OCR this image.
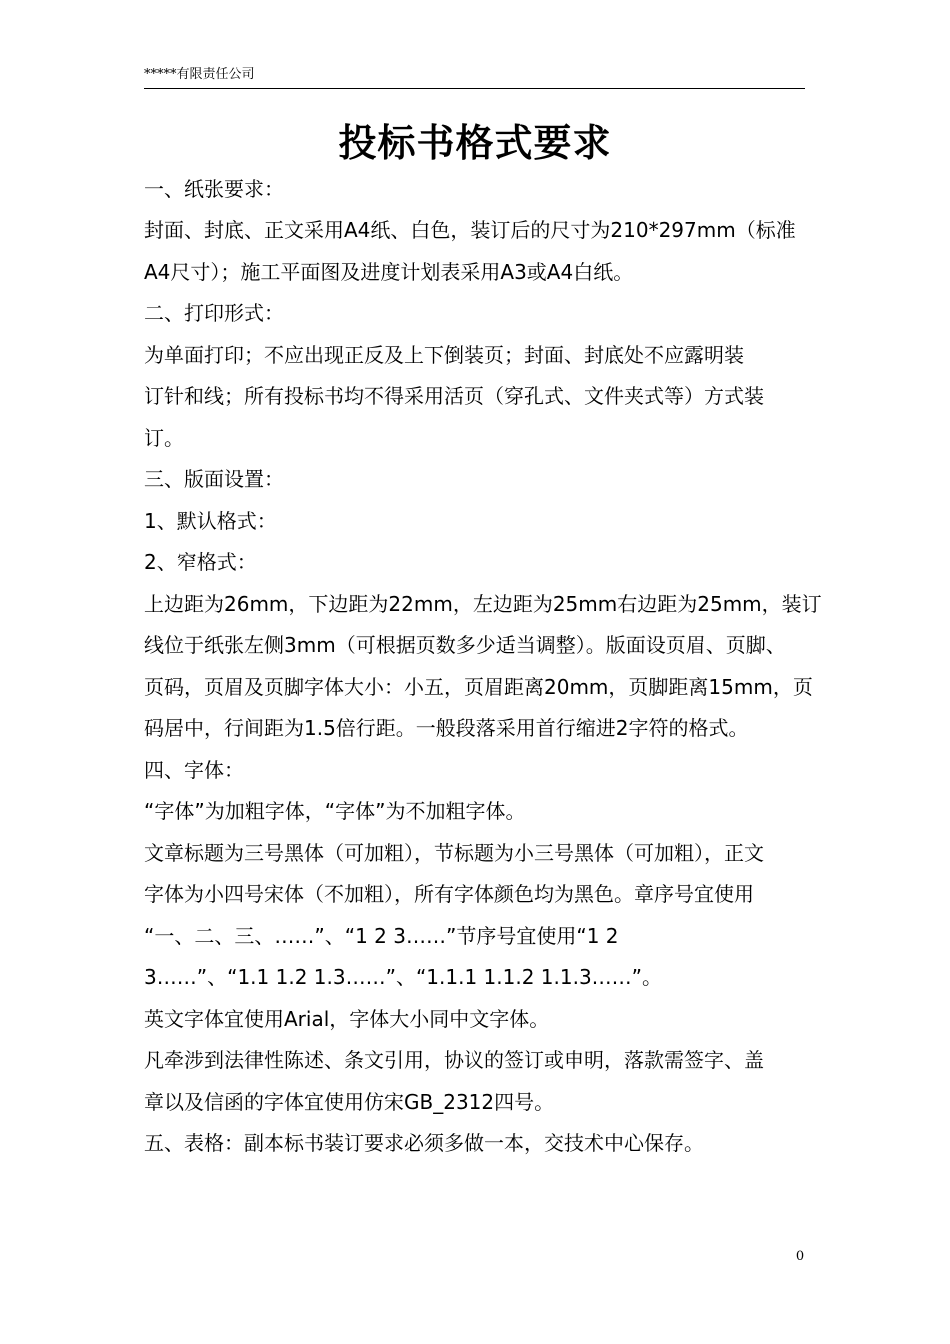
*****有限责任公司
投标书格式要求
一、纸张要求：
封面、封底、正文采用A4纸、白色，装订后的尺寸为210*297mm（标准
A4尺寸）；施工平面图及进度计划表采用A3或A4白纸。
二、打印形式：
为单面打印；不应出现正反及上下倒装页；封面、封底处不应露明装
订针和线；所有投标书均不得采用活页（穿孔式、文件夹式等）方式装
订。
三、版面设置：
1、默认格式：
2、窄格式：
上边距为26mm，下边距为22mm，左边距为25mm右边距为25mm，装订
线位于纸张左侧3mm（可根据页数多少适当调整）。版面设页眉、页脚、
页码，页眉及页脚字体大小：小五，页眉距离20mm，页脚距离15mm，页
码居中，行间距为1.5倍行距。一般段落采用首行缩进2字符的格式。
四、字体：
“字体”为加粗字体，“字体”为不加粗字体。
文章标题为三号黑体（可加粗），节标题为小三号黑体（可加粗），正文
字体为小四号宋体（不加粗），所有字体颜色均为黑色。章序号宜使用
“一、二、三、……”、“1 2 3……”节序号宜使用“1 2
3……”、“1.1 1.2 1.3……”、“1.1.1 1.1.2 1.1.3……”。
英文字体宜使用Arial，字体大小同中文字体。
凡牵涉到法律性陈述、条文引用，协议的签订或申明，落款需签字、盖
章以及信函的字体宜使用仿宋GB_2312四号。
五、表格：副本标书装订要求必须多做一本，交技术中心保存。
0
